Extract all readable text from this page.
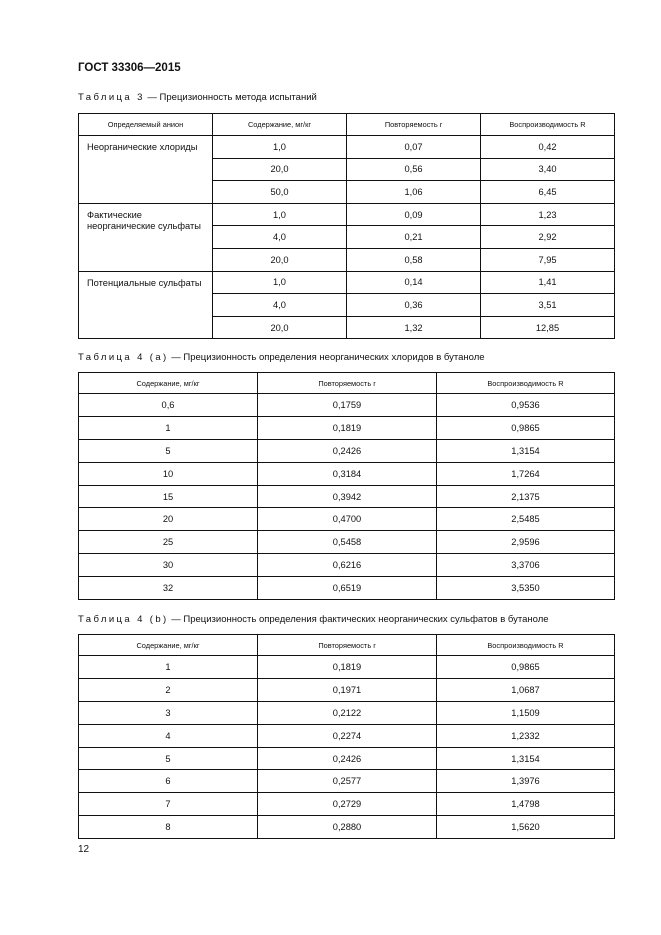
ГОСТ 33306—2015
Таблица 3 — Прецизионность метода испытаний
Определяемый анион	Содержание, мг/кг	Повторяемость r	Воспроизводимость R
Неорганические хлориды	1,0	0,07	0,42
	20,0	0,56	3,40
	50,0	1,06	6,45
Фактические неорганические сульфаты	1,0	0,09	1,23
	4,0	0,21	2,92
	20,0	0,58	7,95
Потенциальные сульфаты	1,0	0,14	1,41
	4,0	0,36	3,51
	20,0	1,32	12,85
Таблица 4 (a) — Прецизионность определения неорганических хлоридов в бутаноле
Содержание, мг/кг	Повторяемость r	Воспроизводимость R
0,6	0,1759	0,9536
1	0,1819	0,9865
5	0,2426	1,3154
10	0,3184	1,7264
15	0,3942	2,1375
20	0,4700	2,5485
25	0,5458	2,9596
30	0,6216	3,3706
32	0,6519	3,5350
Таблица 4 (b) — Прецизионность определения фактических неорганических сульфатов в бутаноле
Содержание, мг/кг	Повторяемость r	Воспроизводимость R
1	0,1819	0,9865
2	0,1971	1,0687
3	0,2122	1,1509
4	0,2274	1,2332
5	0,2426	1,3154
6	0,2577	1,3976
7	0,2729	1,4798
8	0,2880	1,5620
12
